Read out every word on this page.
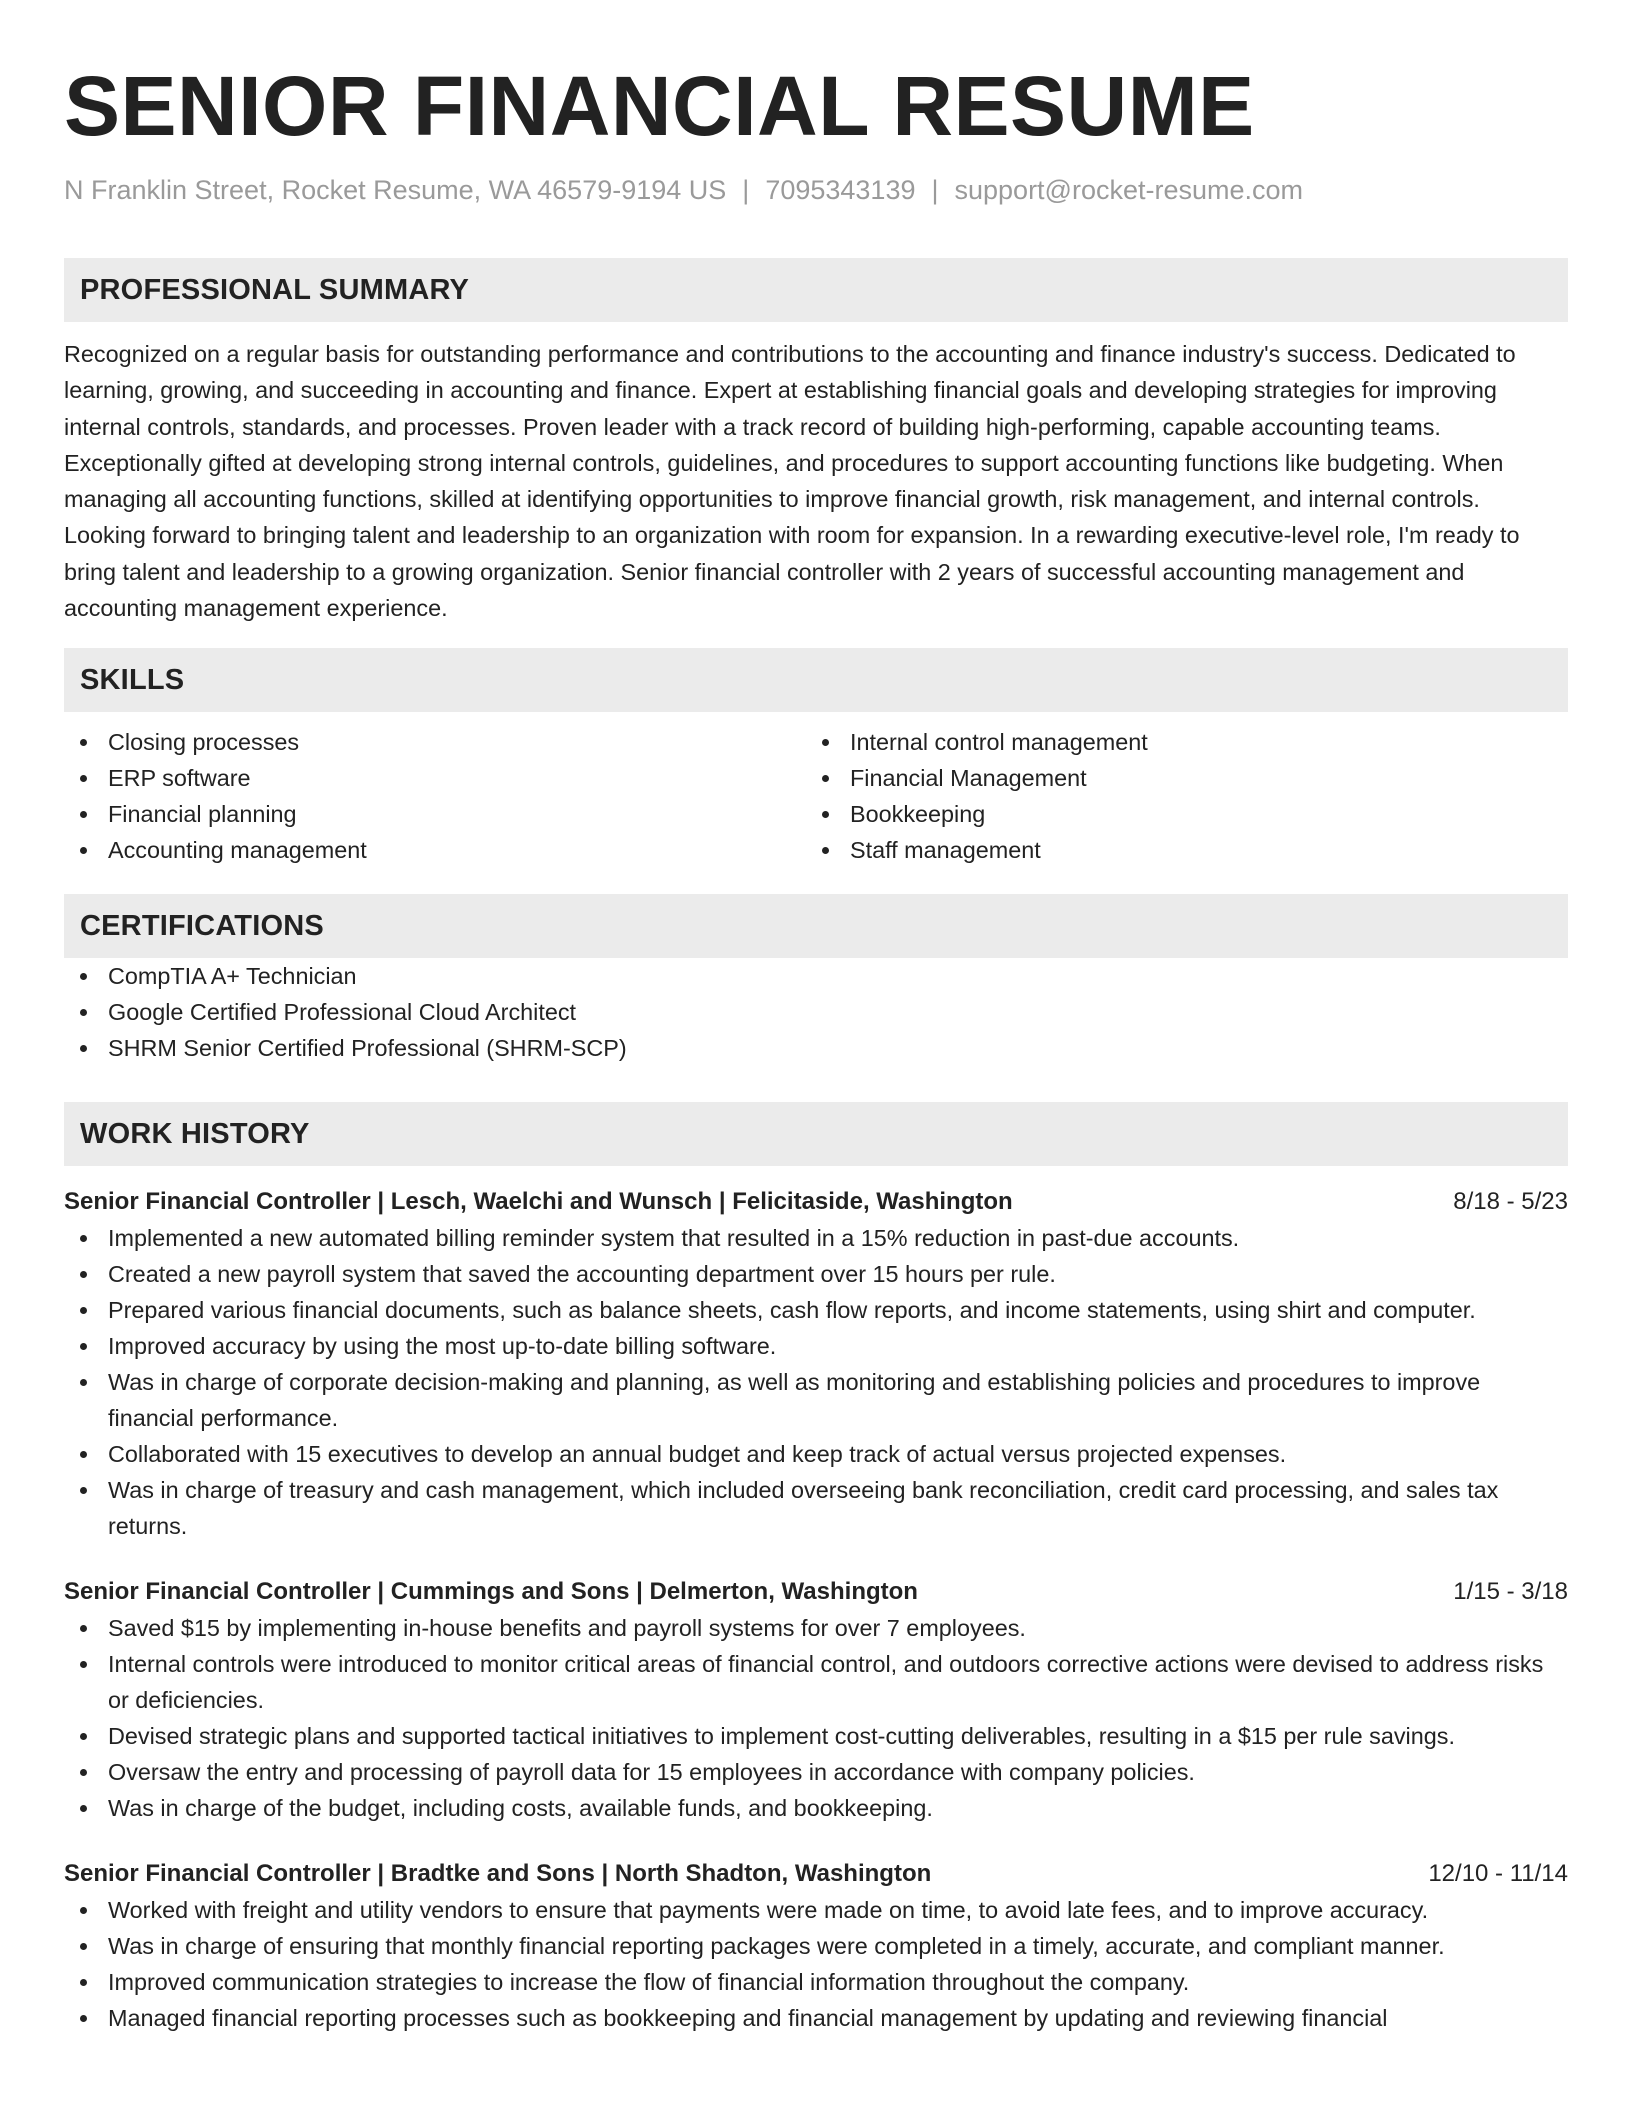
SENIOR FINANCIAL RESUME
N Franklin Street, Rocket Resume, WA 46579-9194 US | 7095343139 | support@rocket-resume.com
PROFESSIONAL SUMMARY

Recognized on a regular basis for outstanding performance and contributions to the accounting and finance industry's success. Dedicated to learning, growing, and succeeding in accounting and finance. Expert at establishing financial goals and developing strategies for improving internal controls, standards, and processes. Proven leader with a track record of building high-performing, capable accounting teams. Exceptionally gifted at developing strong internal controls, guidelines, and procedures to support accounting functions like budgeting. When managing all accounting functions, skilled at identifying opportunities to improve financial growth, risk management, and internal controls. Looking forward to bringing talent and leadership to an organization with room for expansion. In a rewarding executive-level role, I'm ready to bring talent and leadership to a growing organization. Senior financial controller with 2 years of successful accounting management and accounting management experience.

SKILLS
Closing processes
ERP software
Financial planning
Accounting management
Internal control management
Financial Management
Bookkeeping
Staff management
CERTIFICATIONS
CompTIA A+ Technician
Google Certified Professional Cloud Architect
SHRM Senior Certified Professional (SHRM-SCP)
WORK HISTORY
Senior Financial Controller | Lesch, Waelchi and Wunsch | Felicitaside, Washington	8/18 - 5/23
Implemented a new automated billing reminder system that resulted in a 15% reduction in past-due accounts.
Created a new payroll system that saved the accounting department over 15 hours per rule.
Prepared various financial documents, such as balance sheets, cash flow reports, and income statements, using shirt and computer.
Improved accuracy by using the most up-to-date billing software.
Was in charge of corporate decision-making and planning, as well as monitoring and establishing policies and procedures to improve financial performance.
Collaborated with 15 executives to develop an annual budget and keep track of actual versus projected expenses.
Was in charge of treasury and cash management, which included overseeing bank reconciliation, credit card processing, and sales tax returns.
Senior Financial Controller | Cummings and Sons | Delmerton, Washington	1/15 - 3/18
Saved $15 by implementing in-house benefits and payroll systems for over 7 employees.
Internal controls were introduced to monitor critical areas of financial control, and outdoors corrective actions were devised to address risks or deficiencies.
Devised strategic plans and supported tactical initiatives to implement cost-cutting deliverables, resulting in a $15 per rule savings.
Oversaw the entry and processing of payroll data for 15 employees in accordance with company policies.
Was in charge of the budget, including costs, available funds, and bookkeeping.
Senior Financial Controller | Bradtke and Sons | North Shadton, Washington	12/10 - 11/14
Worked with freight and utility vendors to ensure that payments were made on time, to avoid late fees, and to improve accuracy.
Was in charge of ensuring that monthly financial reporting packages were completed in a timely, accurate, and compliant manner.
Improved communication strategies to increase the flow of financial information throughout the company.
Managed financial reporting processes such as bookkeeping and financial management by updating and reviewing financial
